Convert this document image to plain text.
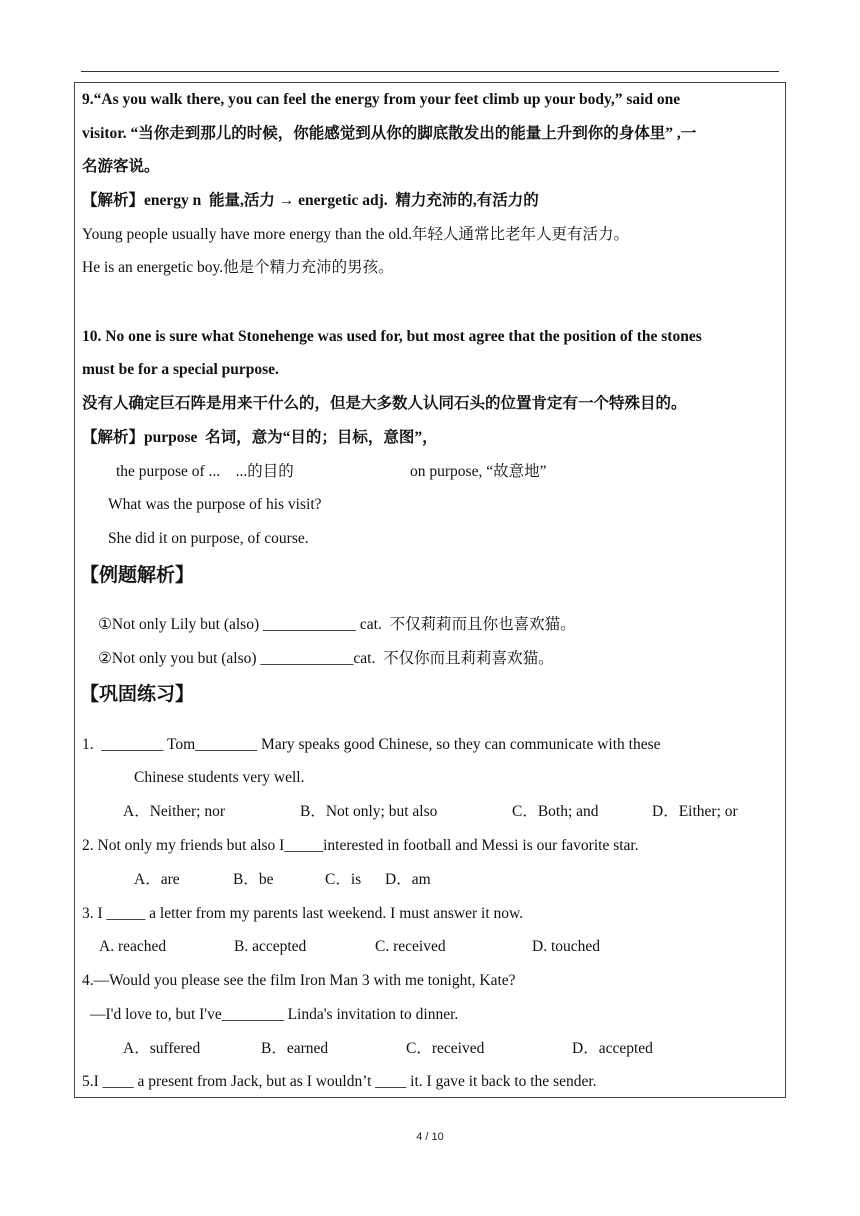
9.“As you walk there, you can feel the energy from your feet climb up your body,” said one
visitor. “当你走到那儿的时候，你能感觉到从你的脚底散发出的能量上升到你的身体里” ,一
名游客说。
【解析】energy n  能量,活力 → energetic adj.  精力充沛的,有活力的
Young people usually have more energy than the old.年轻人通常比老年人更有活力。
He is an energetic boy.他是个精力充沛的男孩。
10. No one is sure what Stonehenge was used for, but most agree that the position of the stones
must be for a special purpose.
没有人确定巨石阵是用来干什么的，但是大多数人认同石头的位置肯定有一个特殊目的。
【解析】purpose  名词，意为“目的；目标，意图”，
the purpose of ...    ...的目的	on purpose, “故意地”
What was the purpose of his visit?
She did it on purpose, of course.
【例题解析】
①Not only Lily but (also) ____________ cat.  不仅莉莉而且你也喜欢猫。
②Not only you but (also) ____________cat.  不仅你而且莉莉喜欢猫。
【巩固练习】
1.  ________ Tom________ Mary speaks good Chinese, so they can communicate with these
Chinese students very well.
A．Neither; nor	B．Not only; but also	C．Both; and	D．Either; or
2. Not only my friends but also I_____interested in football and Messi is our favorite star.
A．are	B．be	C．is D．am
3. I _____ a letter from my parents last weekend. I must answer it now.
A. reached	B. accepted	C. received	D. touched
4.—Would you please see the film Iron Man 3 with me tonight, Kate?
—I'd love to, but I've________ Linda's invitation to dinner.
A．suffered	B．earned	C．received	D．accepted
5.I ____ a present from Jack, but as I wouldn’t ____ it. I gave it back to the sender.
4 / 10
